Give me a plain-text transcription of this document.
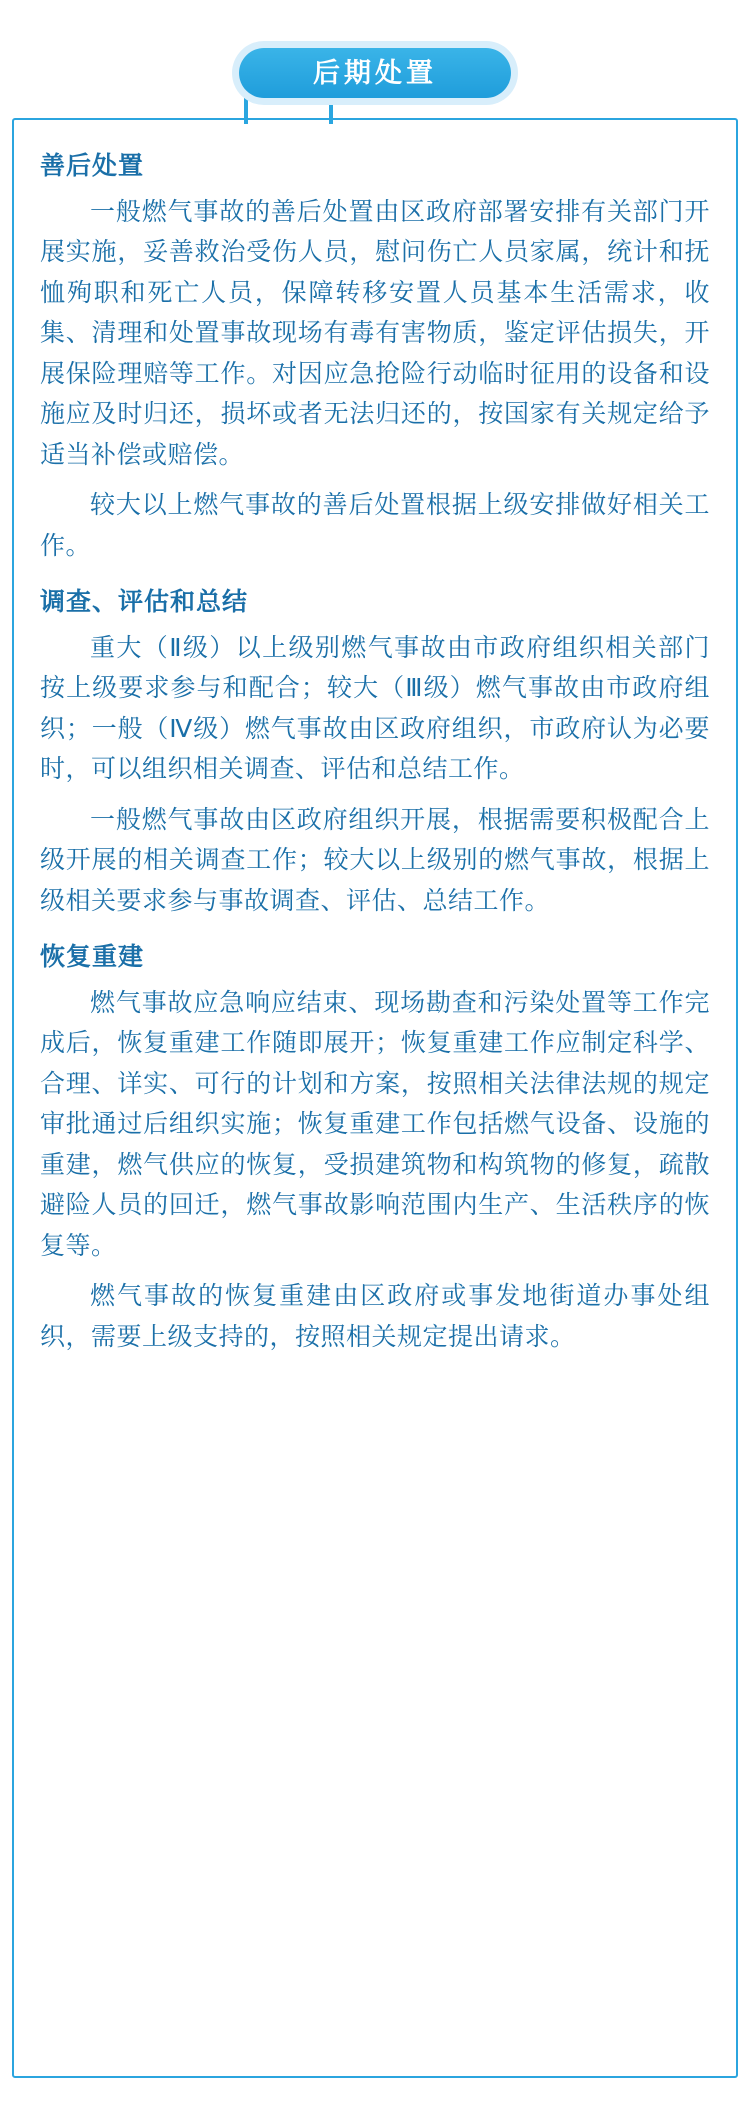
后期处置
善后处置

一般燃气事故的善后处置由区政府部署安排有关部门开展实施，妥善救治受伤人员，慰问伤亡人员家属，统计和抚恤殉职和死亡人员，保障转移安置人员基本生活需求，收集、清理和处置事故现场有毒有害物质，鉴定评估损失，开展保险理赔等工作。对因应急抢险行动临时征用的设备和设施应及时归还，损坏或者无法归还的，按国家有关规定给予适当补偿或赔偿。

较大以上燃气事故的善后处置根据上级安排做好相关工作。

调查、评估和总结

重大（Ⅱ级）以上级别燃气事故由市政府组织相关部门按上级要求参与和配合；较大（Ⅲ级）燃气事故由市政府组织；一般（Ⅳ级）燃气事故由区政府组织，市政府认为必要时，可以组织相关调查、评估和总结工作。

一般燃气事故由区政府组织开展，根据需要积极配合上级开展的相关调查工作；较大以上级别的燃气事故，根据上级相关要求参与事故调查、评估、总结工作。

恢复重建

燃气事故应急响应结束、现场勘查和污染处置等工作完成后，恢复重建工作随即展开；恢复重建工作应制定科学、合理、详实、可行的计划和方案，按照相关法律法规的规定审批通过后组织实施；恢复重建工作包括燃气设备、设施的重建，燃气供应的恢复，受损建筑物和构筑物的修复，疏散避险人员的回迁，燃气事故影响范围内生产、生活秩序的恢复等。

燃气事故的恢复重建由区政府或事发地街道办事处组织，需要上级支持的，按照相关规定提出请求。
